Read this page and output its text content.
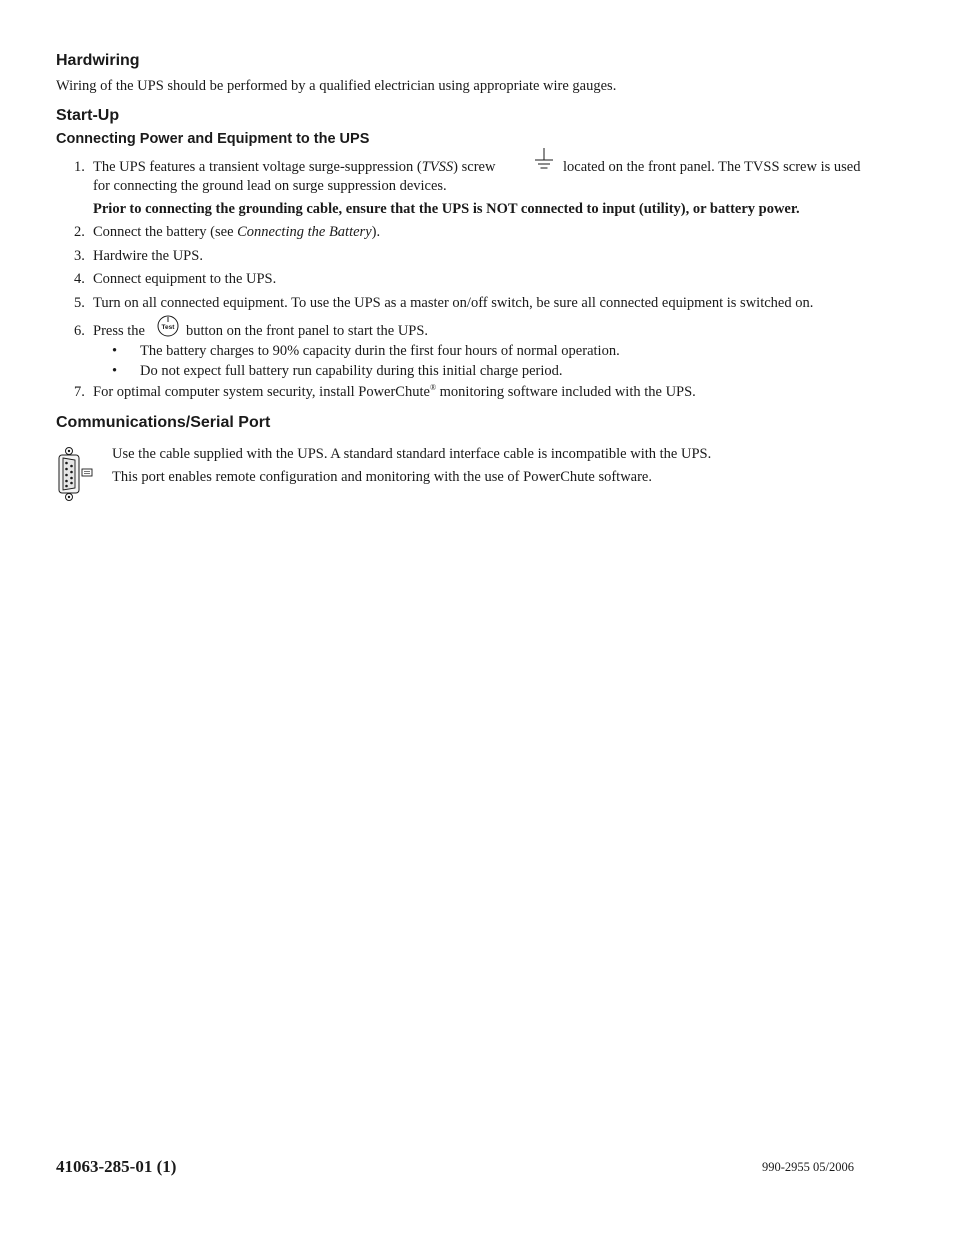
Hardwiring
Wiring of the UPS should be performed by a qualified electrician using appropriate wire gauges.
Start-Up
Connecting Power and Equipment to the UPS
1. The UPS features a transient voltage surge-suppression (TVSS) screw	located on the front panel. The TVSS screw is used
for connecting the ground lead on surge suppression devices.
Prior to connecting the grounding cable, ensure that the UPS is NOT connected to input (utility), or battery power.
2. Connect the battery (see Connecting the Battery).
3. Hardwire the UPS.
4. Connect equipment to the UPS.
5. Turn on all connected equipment. To use the UPS as a master on/off switch, be sure all connected equipment is switched on.
6. Press the	Test button on the front panel to start the UPS.
• The battery charges to 90% capacity durin the first four hours of normal operation.
• Do not expect full battery run capability during this initial charge period.
7. For optimal computer system security, install PowerChute® monitoring software included with the UPS.
Communications/Serial Port
Use the cable supplied with the UPS. A standard standard interface cable is incompatible with the UPS.
This port enables remote configuration and monitoring with the use of PowerChute software.
41063-285-01 (1)	990-2955 05/2006
